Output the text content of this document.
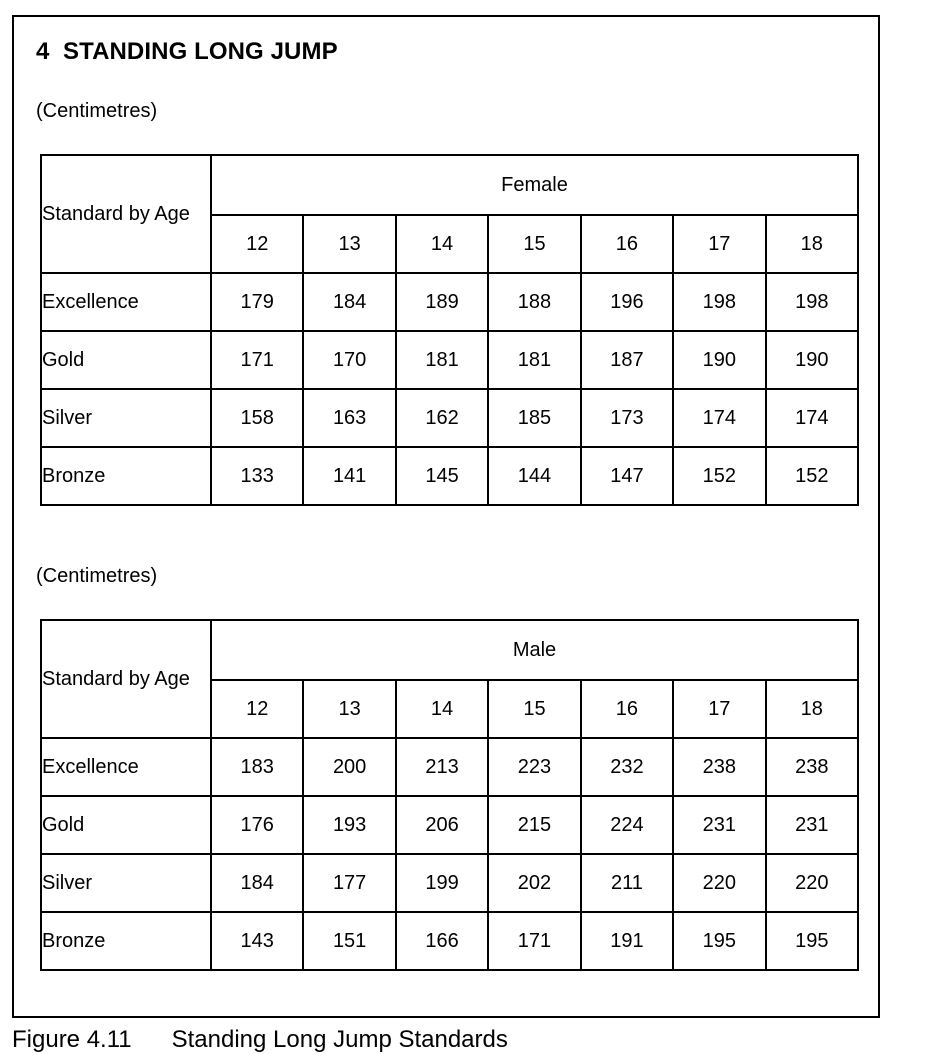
4  STANDING LONG JUMP
(Centimetres)
Standard by Age	Female						
	12	13	14	15	16	17	18
Excellence	179	184	189	188	196	198	198
Gold	171	170	181	181	187	190	190
Silver	158	163	162	185	173	174	174
Bronze	133	141	145	144	147	152	152
(Centimetres)
Standard by Age	Male						
	12	13	14	15	16	17	18
Excellence	183	200	213	223	232	238	238
Gold	176	193	206	215	224	231	231
Silver	184	177	199	202	211	220	220
Bronze	143	151	166	171	191	195	195
Figure 4.11      Standing Long Jump Standards
